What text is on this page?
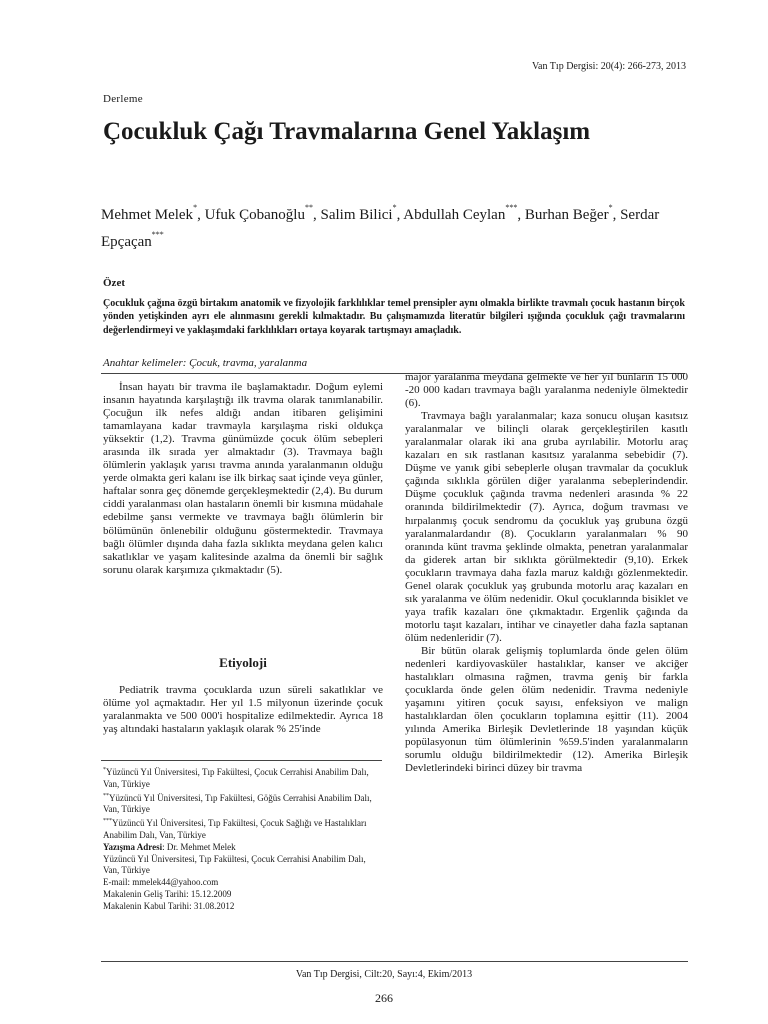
Van Tıp Dergisi: 20(4): 266-273, 2013
Derleme
Çocukluk Çağı Travmalarına Genel Yaklaşım
Mehmet Melek*, Ufuk Çobanoğlu**, Salim Bilici*, Abdullah Ceylan***, Burhan Beğer*, Serdar Epçaçan***
Özet
Çocukluk çağına özgü birtakım anatomik ve fizyolojik farklılıklar temel prensipler aynı olmakla birlikte travmalı çocuk hastanın birçok yönden yetişkinden ayrı ele alınmasını gerekli kılmaktadır. Bu çalışmamızda literatür bilgileri ışığında çocukluk çağı travmalarını değerlendirmeyi ve yaklaşımdaki farklılıkları ortaya koyarak tartışmayı amaçladık.
Anahtar kelimeler: Çocuk, travma, yaralanma

İnsan hayatı bir travma ile başlamaktadır. Doğum eylemi insanın hayatında karşılaştığı ilk travma olarak tanımlanabilir. Çocuğun ilk nefes aldığı andan itibaren gelişimini tamamlayana kadar travmayla karşılaşma riski oldukça yüksektir (1,2). Travma günümüzde çocuk ölüm sebepleri arasında ilk sırada yer almaktadır (3). Travmaya bağlı ölümlerin yaklaşık yarısı travma anında yaralanmanın olduğu yerde olmakta geri kalanı ise ilk birkaç saat içinde veya günler, haftalar sonra geç dönemde gerçekleşmektedir (2,4). Bu durum ciddi yaralanması olan hastaların önemli bir kısmına müdahale edebilme şansı vermekte ve travmaya bağlı ölümlerin bir bölümünün önlenebilir olduğunu göstermektedir. Travmaya bağlı ölümler dışında daha fazla sıklıkta meydana gelen kalıcı sakatlıklar ve yaşam kalitesinde azalma da önemli bir sağlık sorunu olarak karşımıza çıkmaktadır (5).

Etiyoloji

Pediatrik travma çocuklarda uzun süreli sakatlıklar ve ölüme yol açmaktadır. Her yıl 1.5 milyonun üzerinde çocuk yaralanmakta ve 500 000'i hospitalize edilmektedir. Ayrıca 18 yaş altındaki hastaların yaklaşık olarak % 25'inde

*Yüzüncü Yıl Üniversitesi, Tıp Fakültesi, Çocuk Cerrahisi Anabilim Dalı, Van, Türkiye
**Yüzüncü Yıl Üniversitesi, Tıp Fakültesi, Göğüs Cerrahisi Anabilim Dalı, Van, Türkiye
***Yüzüncü Yıl Üniversitesi, Tıp Fakültesi, Çocuk Sağlığı ve Hastalıkları Anabilim Dalı, Van, Türkiye
Yazışma Adresi: Dr. Mehmet Melek
Yüzüncü Yıl Üniversitesi, Tıp Fakültesi, Çocuk Cerrahisi Anabilim Dalı, Van, Türkiye
E-mail: mmelek44@yahoo.com
Makalenin Geliş Tarihi: 15.12.2009
Makalenin Kabul Tarihi: 31.08.2012

major yaralanma meydana gelmekte ve her yıl bunların 15 000 -20 000 kadarı travmaya bağlı yaralanma nedeniyle ölmektedir (6).

Travmaya bağlı yaralanmalar; kaza sonucu oluşan kasıtsız yaralanmalar ve bilinçli olarak gerçekleştirilen kasıtlı yaralanmalar olarak iki ana gruba ayrılabilir. Motorlu araç kazaları en sık rastlanan kasıtsız yaralanma sebebidir (7). Düşme ve yanık gibi sebeplerle oluşan travmalar da çocukluk çağında sıklıkla görülen diğer yaralanma sebeplerindendir. Düşme çocukluk çağında travma nedenleri arasında % 22 oranında bildirilmektedir (7). Ayrıca, doğum travması ve hırpalanmış çocuk sendromu da çocukluk yaş grubuna özgü yaralanmalardandır (8). Çocukların yaralanmaları % 90 oranında künt travma şeklinde olmakta, penetran yaralanmalar da giderek artan bir sıklıkta görülmektedir (9,10). Erkek çocukların travmaya daha fazla maruz kaldığı gözlenmektedir. Genel olarak çocukluk yaş grubunda motorlu araç kazaları en sık yaralanma ve ölüm nedenidir. Okul çocuklarında bisiklet ve yaya trafik kazaları öne çıkmaktadır. Ergenlik çağında da motorlu taşıt kazaları, intihar ve cinayetler daha fazla saptanan ölüm nedenleridir (7).

Bir bütün olarak gelişmiş toplumlarda önde gelen ölüm nedenleri kardiyovasküler hastalıklar, kanser ve akciğer hastalıkları olmasına rağmen, travma geniş bir farkla çocuklarda önde gelen ölüm nedenidir. Travma nedeniyle yaşamını yitiren çocuk sayısı, enfeksiyon ve malign hastalıklardan ölen çocukların toplamına eşittir (11). 2004 yılında Amerika Birleşik Devletlerinde 18 yaşından küçük popülasyonun tüm ölümlerinin %59.5'inden yaralanmaların sorumlu olduğu bildirilmektedir (12). Amerika Birleşik Devletlerindeki birinci düzey bir travma

Van Tıp Dergisi, Cilt:20, Sayı:4, Ekim/2013
266
